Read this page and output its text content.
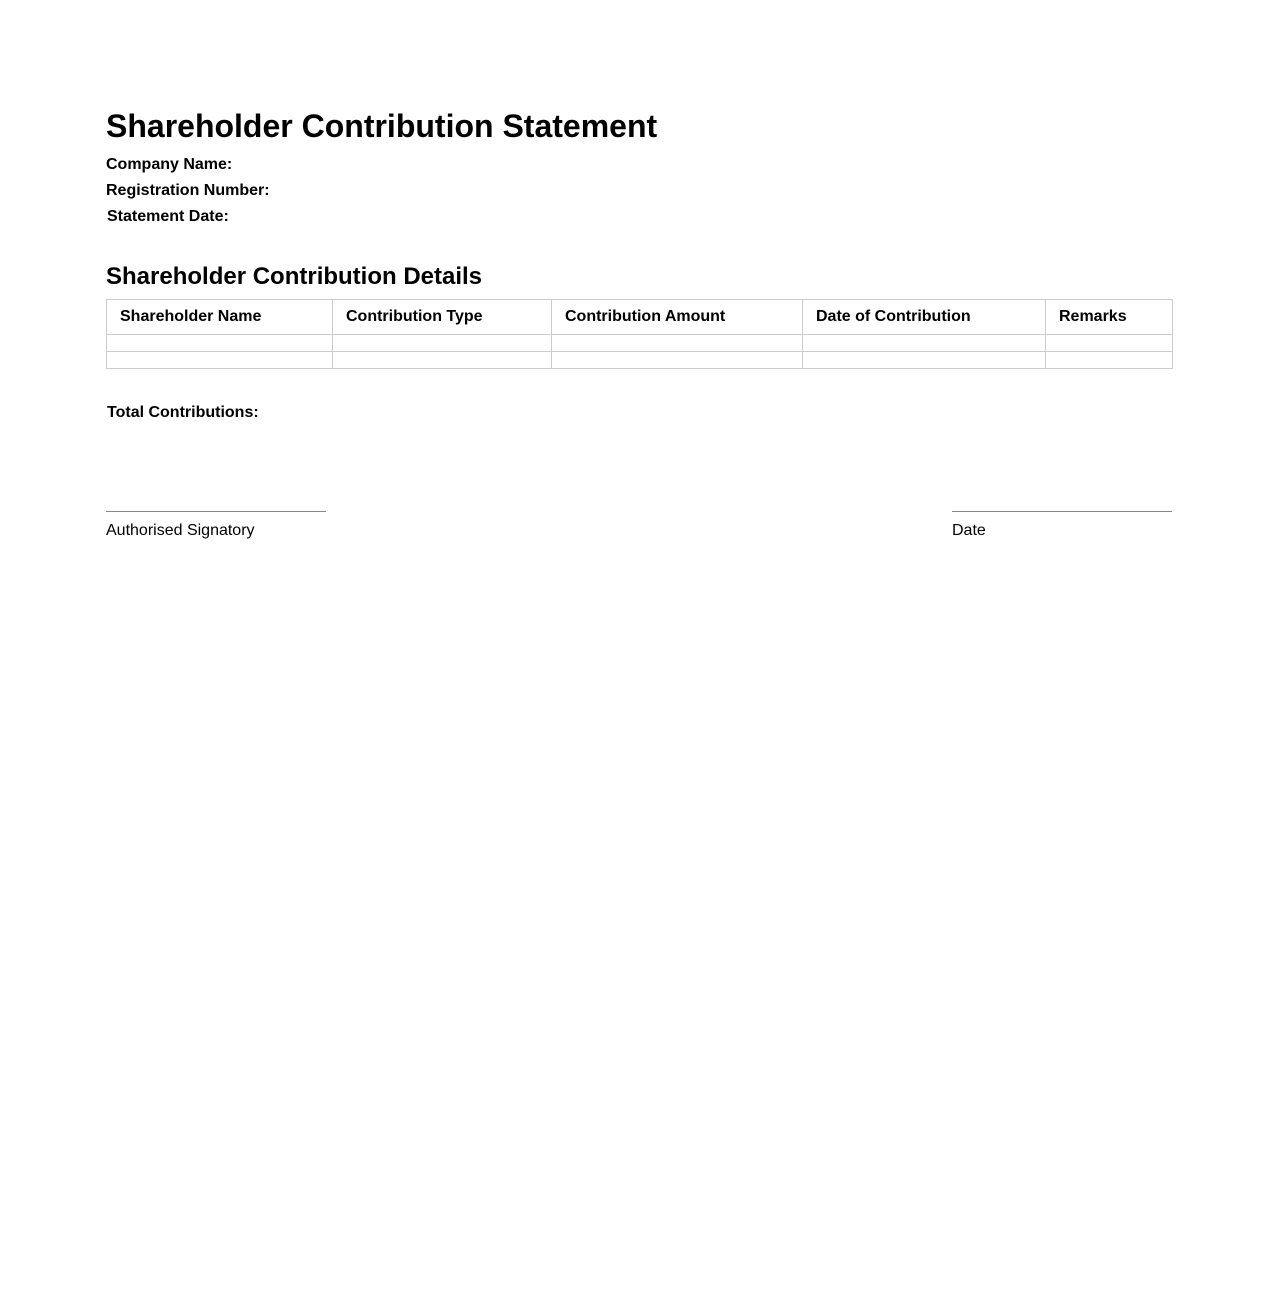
Shareholder Contribution Statement
Company Name:
Registration Number:
Statement Date:
Shareholder Contribution Details
Shareholder Name	Contribution Type	Contribution Amount	Date of Contribution	Remarks

Total Contributions:
Authorised Signatory	Date
